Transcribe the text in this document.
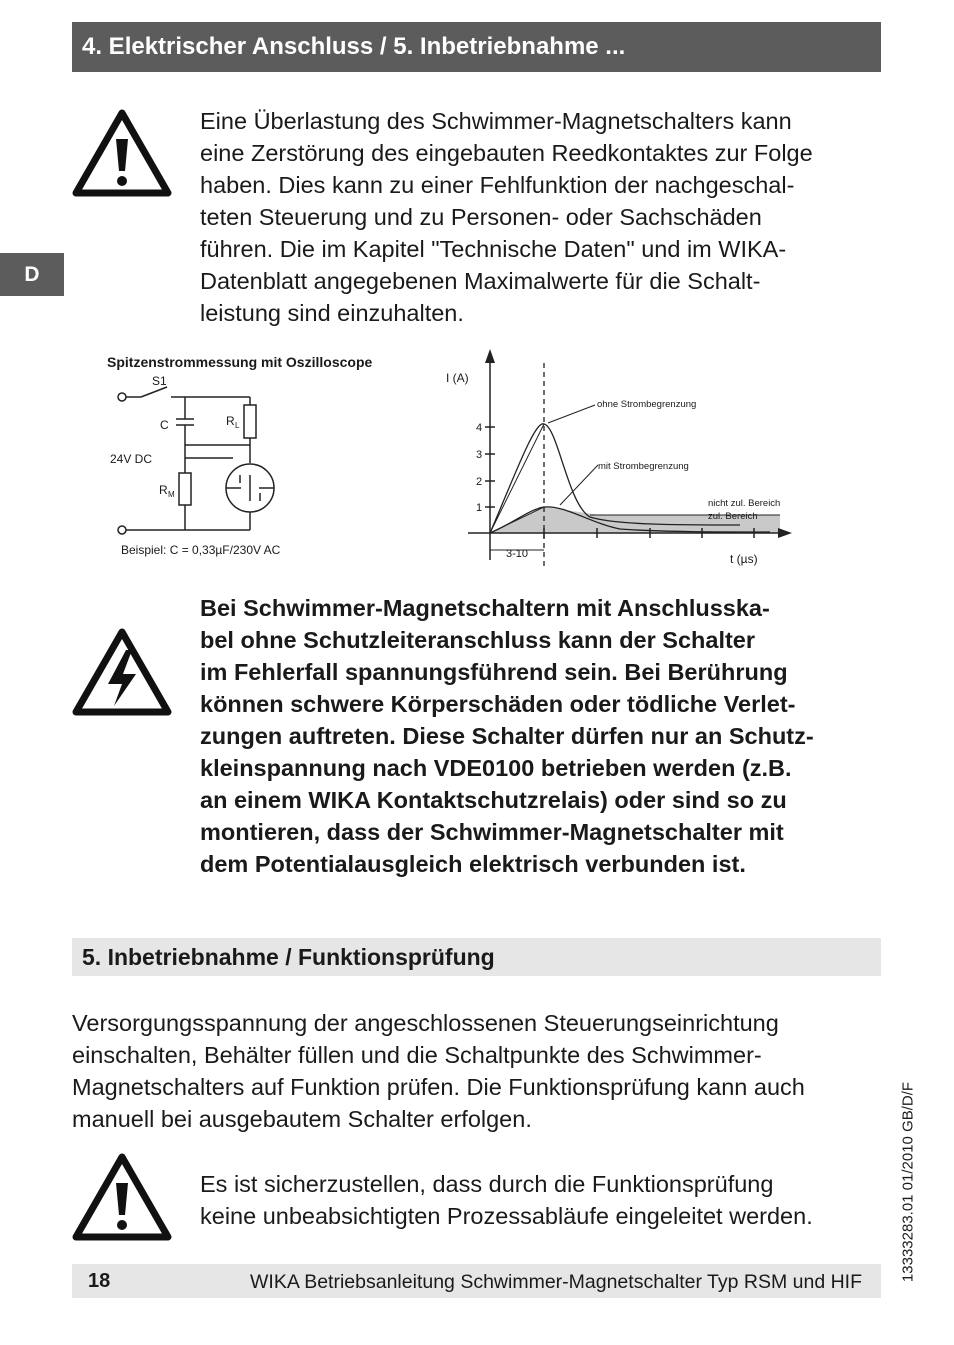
4. Elektrischer Anschluss / 5. Inbetriebnahme ...
D
Eine Überlastung des Schwimmer-Magnetschalters kann
eine Zerstörung des eingebauten Reedkontaktes zur Folge
haben. Dies kann zu einer Fehlfunktion der nachgeschal-
teten Steuerung und zu Personen- oder Sachschäden
führen. Die im Kapitel "Technische Daten" und im WIKA-
Datenblatt angegebenen Maximalwerte für die Schalt-
leistung sind einzuhalten.
Spitzenstrommessung mit Oszilloscope
S1
C	R L
24V DC
R M
Beispiel: C = 0,33µF/230V AC
I (A)
4
3
2
1
3-10	t (µs)
ohne Strombegrenzung
mit Strombegrenzung
nicht zul. Bereich
zul. Bereich
Bei Schwimmer-Magnetschaltern mit Anschlusska-
bel ohne Schutzleiteranschluss kann der Schalter
im Fehlerfall spannungsführend sein. Bei Berührung
können schwere Körperschäden oder tödliche Verlet-
zungen auftreten. Diese Schalter dürfen nur an Schutz-
kleinspannung nach VDE0100 betrieben werden (z.B.
an einem WIKA Kontaktschutzrelais) oder sind so zu
montieren, dass der Schwimmer-Magnetschalter mit
dem Potentialausgleich elektrisch verbunden ist.
5. Inbetriebnahme / Funktionsprüfung
Versorgungsspannung der angeschlossenen Steuerungseinrichtung
einschalten, Behälter füllen und die Schaltpunkte des Schwimmer-
Magnetschalters auf Funktion prüfen. Die Funktionsprüfung kann auch
manuell bei ausgebautem Schalter erfolgen.
Es ist sicherzustellen, dass durch die Funktionsprüfung
keine unbeabsichtigten Prozessabläufe eingeleitet werden.	13333283.01 01/2010 GB/D/F
18	WIKA Betriebsanleitung Schwimmer-Magnetschalter Typ RSM und HIF
